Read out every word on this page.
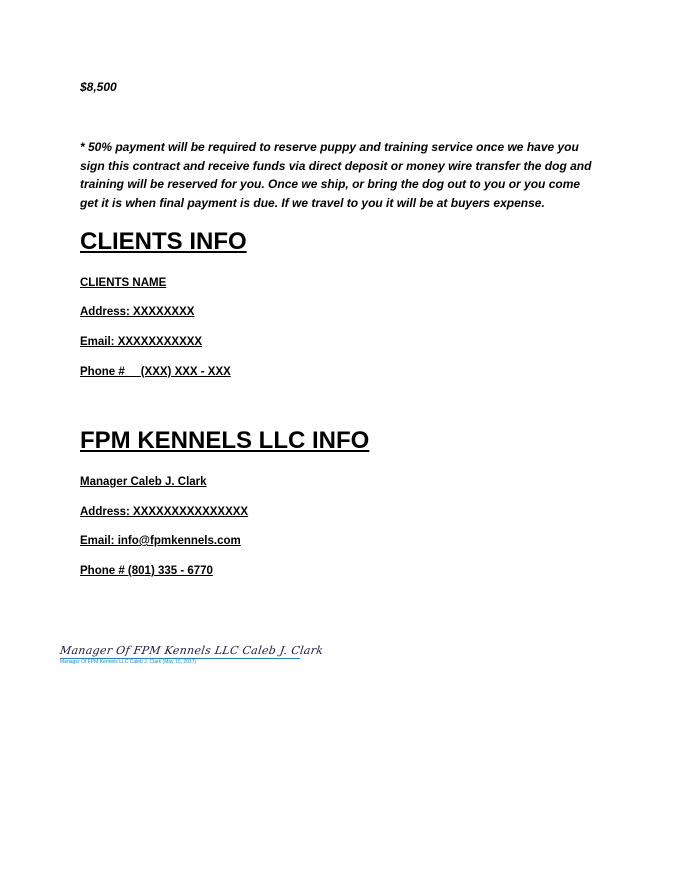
$8,500
* 50% payment will be required to reserve puppy and training service once we have you sign this contract and receive funds via direct deposit or money wire transfer the dog and training will be reserved for you. Once we ship, or bring the dog out to you or you come get it is when final payment is due. If we travel to you it will be at buyers expense.
CLIENTS INFO
CLIENTS NAME
Address: XXXXXXXX
Email: XXXXXXXXXXX
Phone #     (XXX) XXX - XXX
FPM KENNELS LLC INFO
Manager Caleb J. Clark
Address: XXXXXXXXXXXXXXX
Email: info@fpmkennels.com
Phone # (801) 335 - 6770
Manager Of FPM Kennels LLC Caleb J. Clark
Manager Of FPM Kennels LLC Caleb J. Clark (May 15, 2017)
